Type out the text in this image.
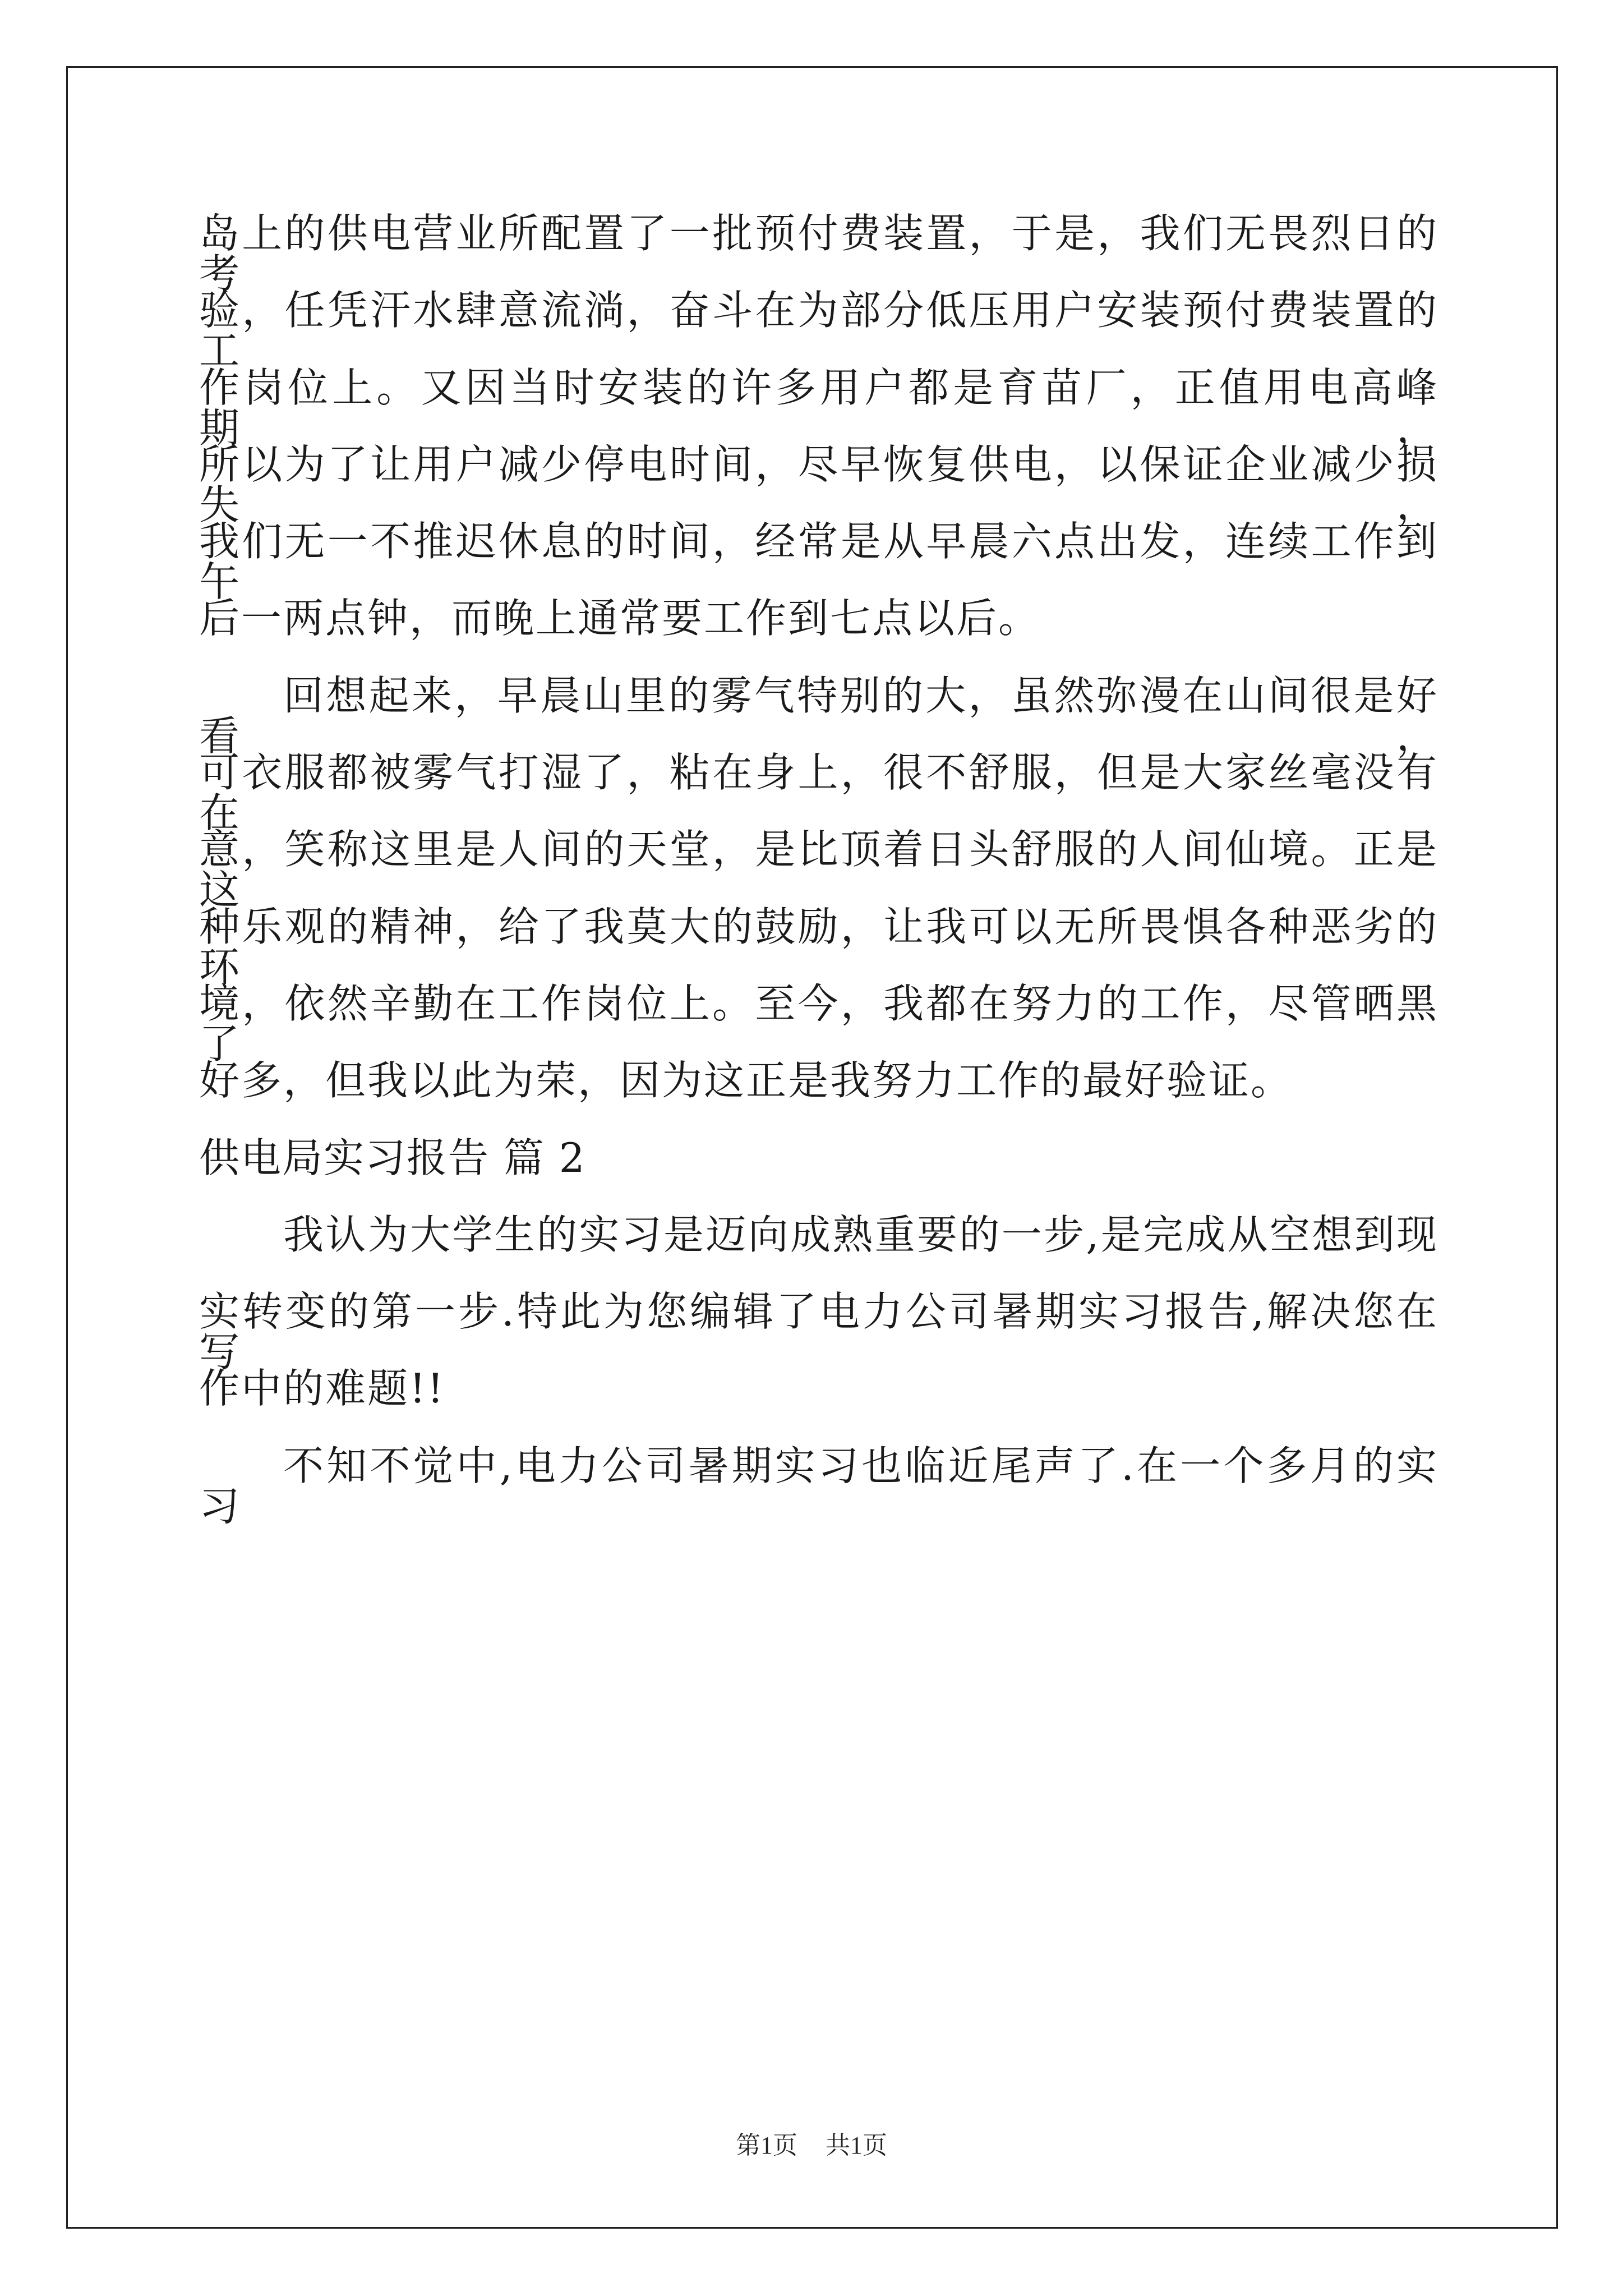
岛上的供电营业所配置了一批预付费装置，于是，我们无畏烈日的考
验，任凭汗水肆意流淌，奋斗在为部分低压用户安装预付费装置的工
作岗位上。又因当时安装的许多用户都是育苗厂，正值用电高峰期，
所以为了让用户减少停电时间，尽早恢复供电，以保证企业减少损失，
我们无一不推迟休息的时间，经常是从早晨六点出发，连续工作到午
后一两点钟，而晚上通常要工作到七点以后。
回想起来，早晨山里的雾气特别的大，虽然弥漫在山间很是好看，
可衣服都被雾气打湿了，粘在身上，很不舒服，但是大家丝毫没有在
意，笑称这里是人间的天堂，是比顶着日头舒服的人间仙境。正是这
种乐观的精神，给了我莫大的鼓励，让我可以无所畏惧各种恶劣的环
境，依然辛勤在工作岗位上。至今，我都在努力的工作，尽管晒黑了
好多，但我以此为荣，因为这正是我努力工作的最好验证。
供电局实习报告 篇 2
我认为大学生的实习是迈向成熟重要的一步,是完成从空想到现
实转变的第一步.特此为您编辑了电力公司暑期实习报告,解决您在写
作中的难题!!
不知不觉中,电力公司暑期实习也临近尾声了.在一个多月的实习
第1页 共1页
